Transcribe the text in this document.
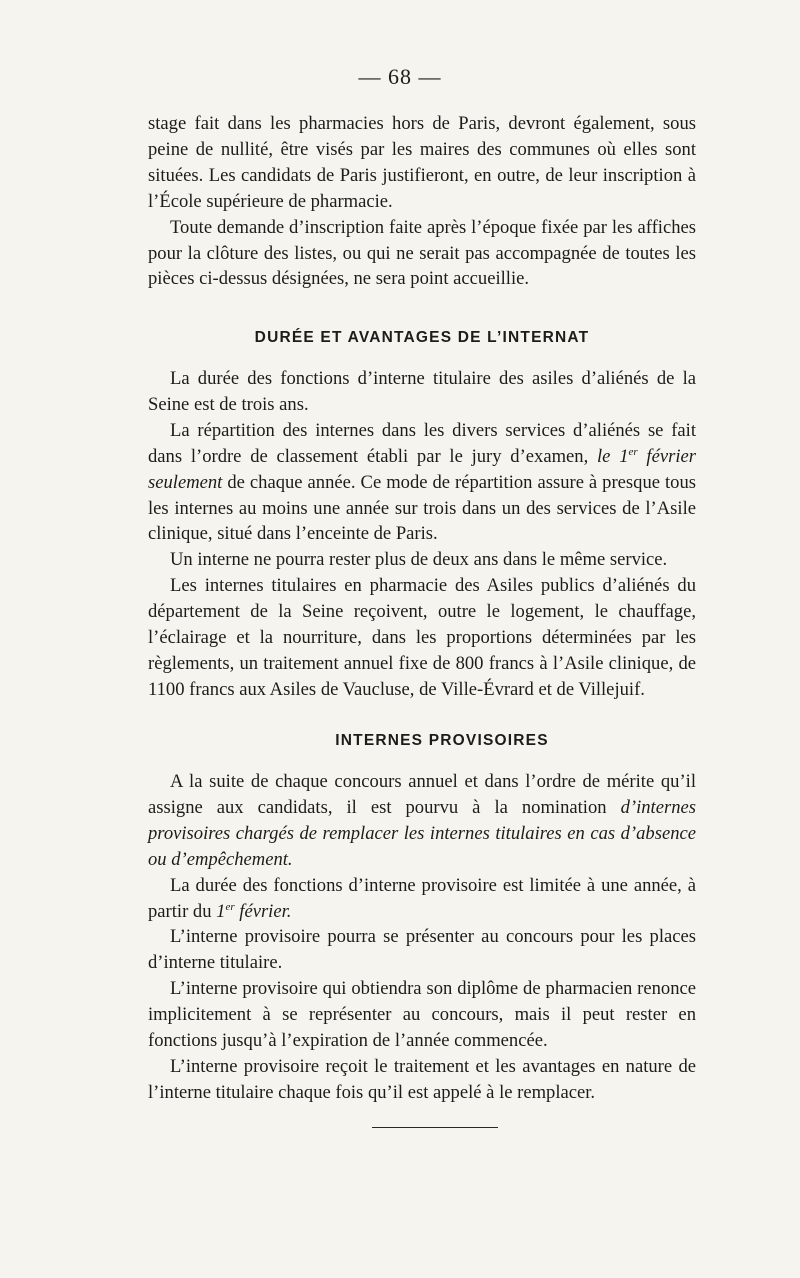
— 68 —

stage fait dans les pharmacies hors de Paris, devront également, sous peine de nullité, être visés par les maires des communes où elles sont situées. Les candidats de Paris justifieront, en outre, de leur inscription à l’École supérieure de pharmacie.

Toute demande d’inscription faite après l’époque fixée par les affiches pour la clôture des listes, ou qui ne serait pas accompagnée de toutes les pièces ci-dessus désignées, ne sera point accueillie.

DURÉE ET AVANTAGES DE L’INTERNAT

La durée des fonctions d’interne titulaire des asiles d’aliénés de la Seine est de trois ans.

La répartition des internes dans les divers services d’aliénés se fait dans l’ordre de classement établi par le jury d’examen, le 1er février seulement de chaque année. Ce mode de répartition assure à presque tous les internes au moins une année sur trois dans un des services de l’Asile clinique, situé dans l’enceinte de Paris.

Un interne ne pourra rester plus de deux ans dans le même service.

Les internes titulaires en pharmacie des Asiles publics d’aliénés du département de la Seine reçoivent, outre le logement, le chauffage, l’éclairage et la nourriture, dans les proportions déterminées par les règlements, un traitement annuel fixe de 800 francs à l’Asile clinique, de 1100 francs aux Asiles de Vaucluse, de Ville-Évrard et de Villejuif.

INTERNES PROVISOIRES

A la suite de chaque concours annuel et dans l’ordre de mérite qu’il assigne aux candidats, il est pourvu à la nomination d’internes provisoires chargés de remplacer les internes titulaires en cas d’absence ou d’empêchement.

La durée des fonctions d’interne provisoire est limitée à une année, à partir du 1er février.

L’interne provisoire pourra se présenter au concours pour les places d’interne titulaire.

L’interne provisoire qui obtiendra son diplôme de pharmacien renonce implicitement à se représenter au concours, mais il peut rester en fonctions jusqu’à l’expiration de l’année commencée.

L’interne provisoire reçoit le traitement et les avantages en nature de l’interne titulaire chaque fois qu’il est appelé à le remplacer.
